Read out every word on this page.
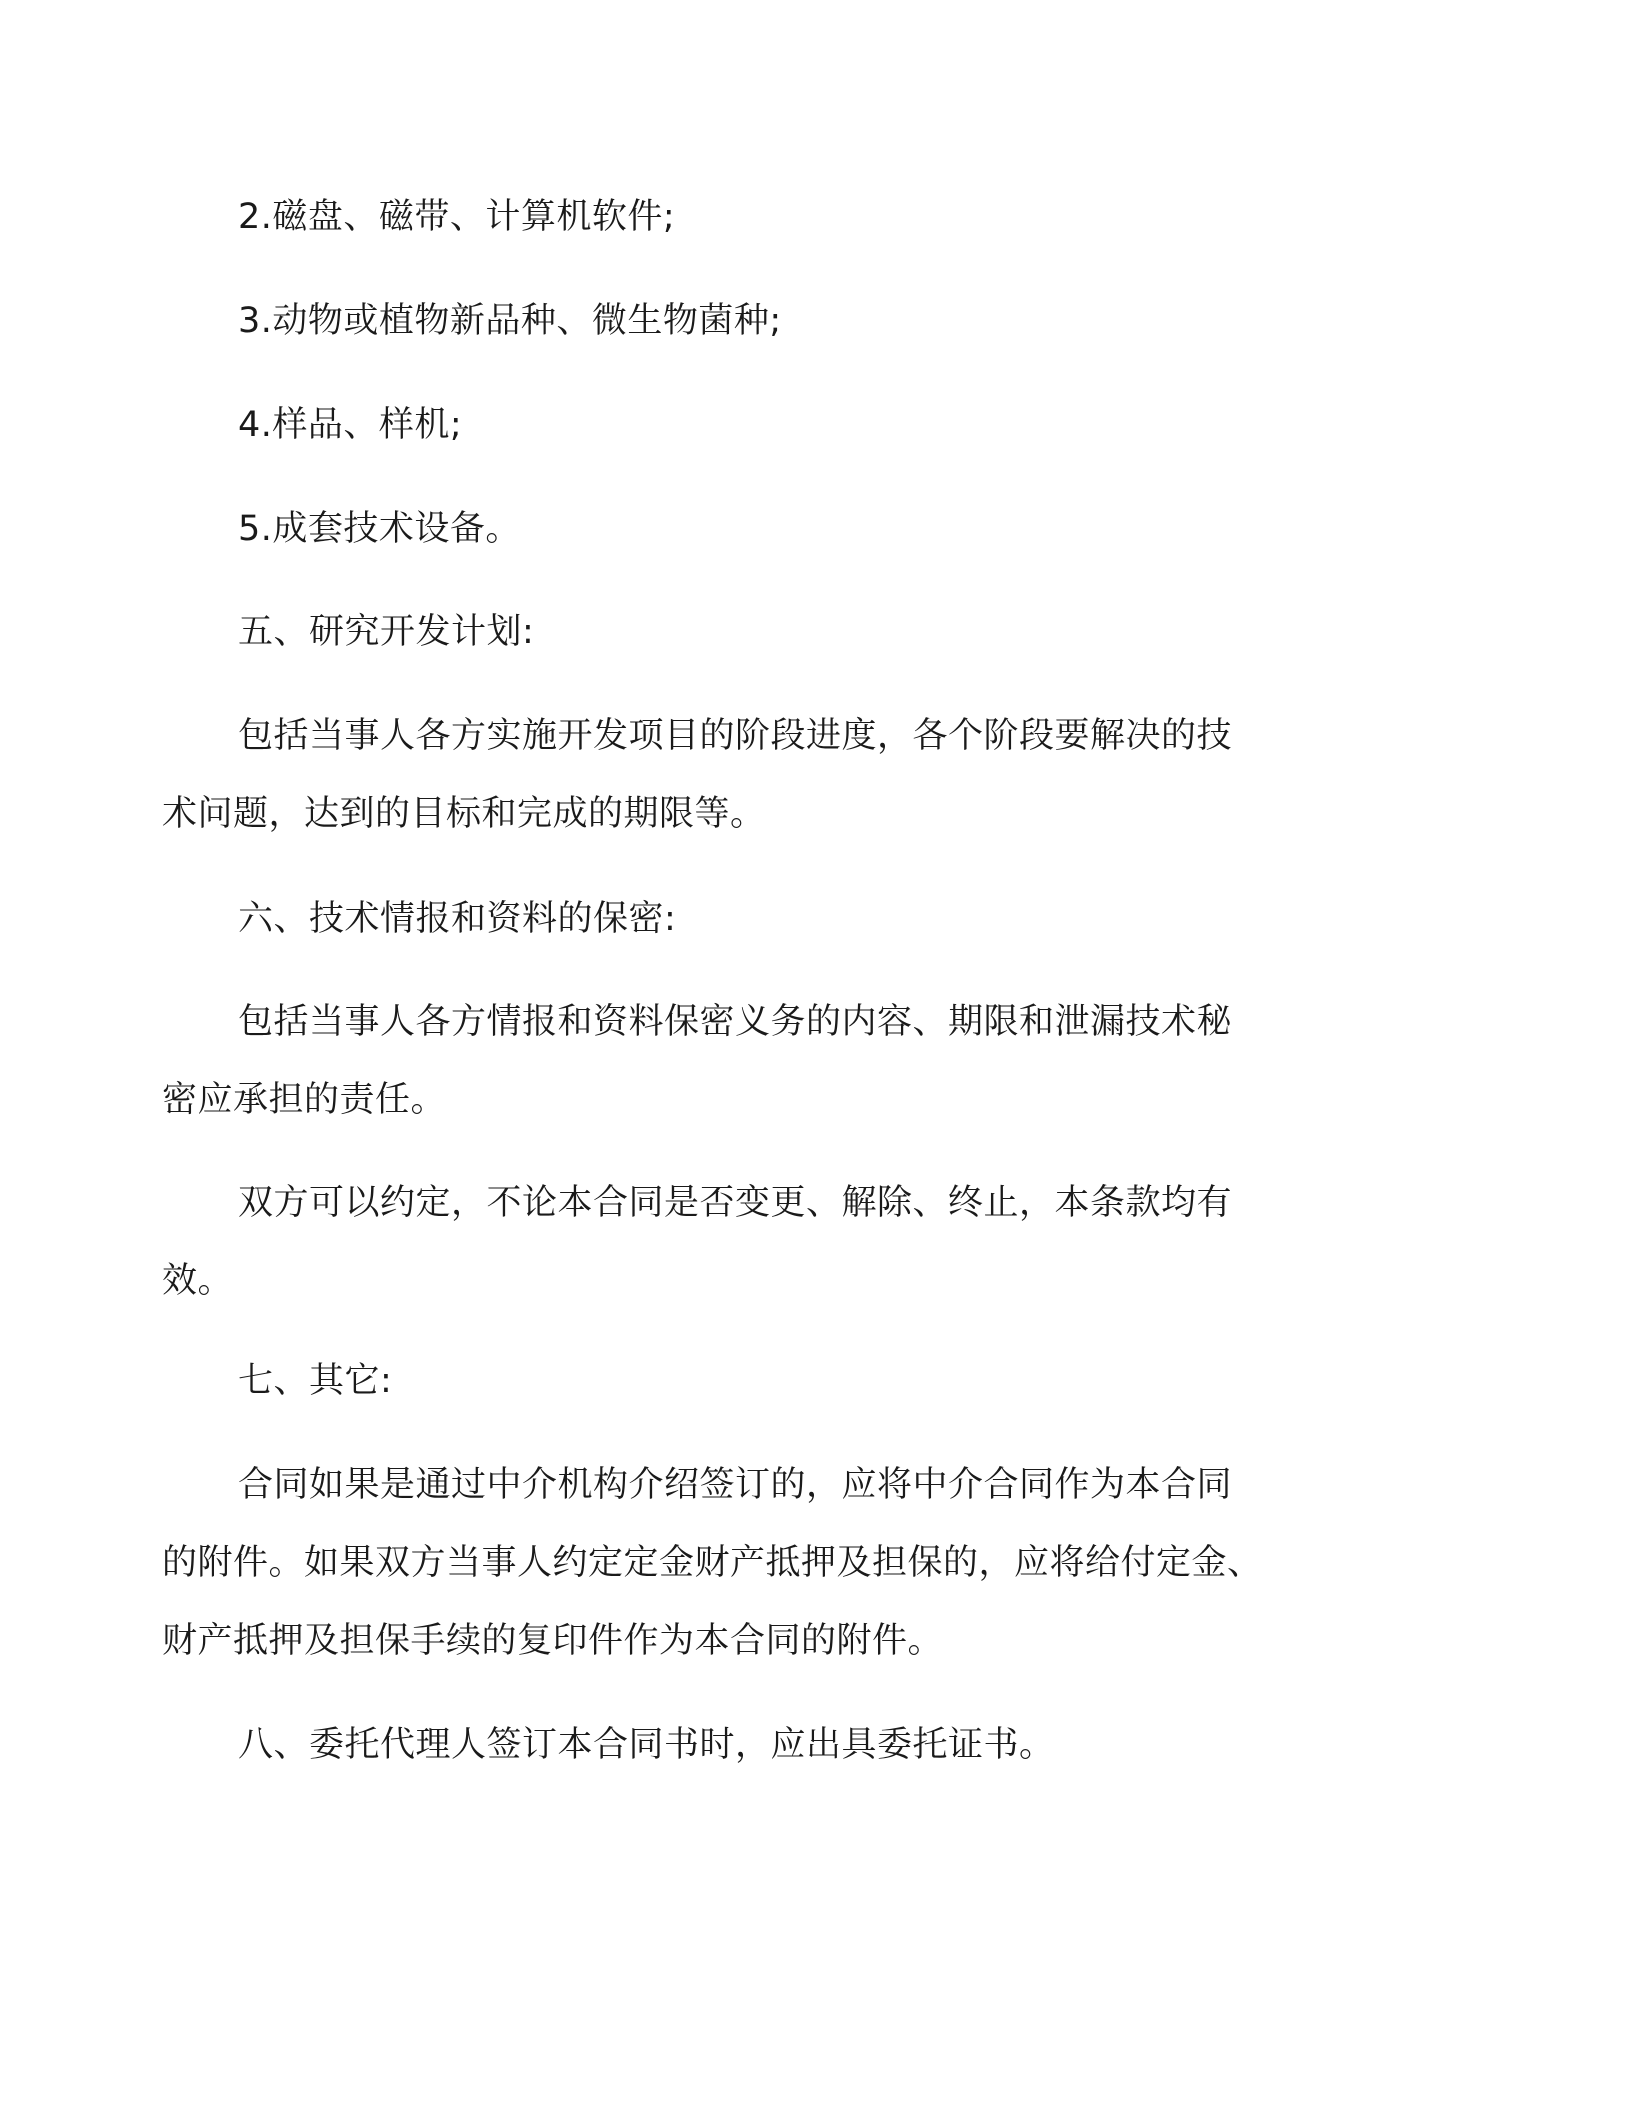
2.磁盘、磁带、计算机软件;

3.动物或植物新品种、微生物菌种;

4.样品、样机;

5.成套技术设备。

五、研究开发计划:

包括当事人各方实施开发项目的阶段进度，各个阶段要解决的技
术问题，达到的目标和完成的期限等。

六、技术情报和资料的保密:

包括当事人各方情报和资料保密义务的内容、期限和泄漏技术秘
密应承担的责任。

双方可以约定，不论本合同是否变更、解除、终止，本条款均有
效。

七、其它:

合同如果是通过中介机构介绍签订的，应将中介合同作为本合同
的附件。如果双方当事人约定定金财产抵押及担保的，应将给付定金、
财产抵押及担保手续的复印件作为本合同的附件。

八、委托代理人签订本合同书时，应出具委托证书。
